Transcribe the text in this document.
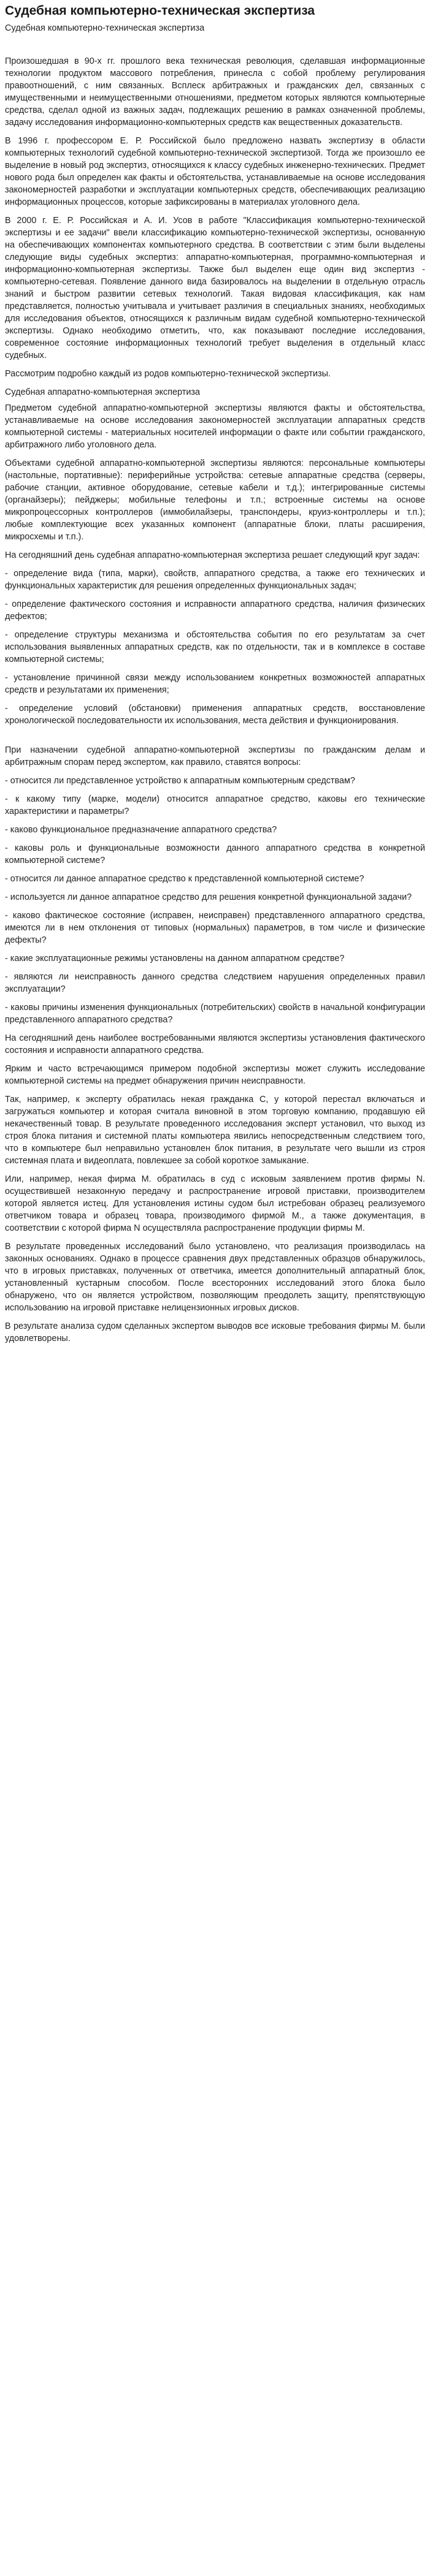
Судебная компьютерно-техническая экспертиза
Судебная компьютерно-техническая экспертиза

Произошедшая в 90-х гг. прошлого века техническая революция, сделавшая информационные технологии продуктом массового потребления, принесла с собой проблему регулирования правоотношений, с ним связанных. Всплеск арбитражных и гражданских дел, связанных с имущественными и неимущественными отношениями, предметом которых являются компьютерные средства, сделал одной из важных задач, подлежащих решению в рамках означенной проблемы, задачу исследования информационно-компьютерных средств как вещественных доказательств.

В 1996 г. профессором Е. Р. Российской было предложено назвать экспертизу в области компьютерных технологий судебной компьютерно-технической экспертизой. Тогда же произошло ее выделение в новый род экспертиз, относящихся к классу судебных инженерно-технических. Предмет нового рода был определен как факты и обстоятельства, устанавливаемые на основе исследования закономерностей разработки и эксплуатации компьютерных средств, обеспечивающих реализацию информационных процессов, которые зафиксированы в материалах уголовного дела.

В 2000 г. Е. Р. Российская и А. И. Усов в работе "Классификация компьютерно-технической экспертизы и ее задачи" ввели классификацию компьютерно-технической экспертизы, основанную на обеспечивающих компонентах компьютерного средства. В соответствии с этим были выделены следующие виды судебных экспертиз: аппаратно-компьютерная, программно-компьютерная и информационно-компьютерная экспертизы. Также был выделен еще один вид экспертиз - компьютерно-сетевая. Появление данного вида базировалось на выделении в отдельную отрасль знаний и быстром развитии сетевых технологий. Такая видовая классификация, как нам представляется, полностью учитывала и учитывает различия в специальных знаниях, необходимых для исследования объектов, относящихся к различным видам судебной компьютерно-технической экспертизы. Однако необходимо отметить, что, как показывают последние исследования, современное состояние информационных технологий требует выделения в отдельный класс судебных.

Рассмотрим подробно каждый из родов компьютерно-технической экспертизы.

Судебная аппаратно-компьютерная экспертиза

Предметом судебной аппаратно-компьютерной экспертизы являются факты и обстоятельства, устанавливаемые на основе исследования закономерностей эксплуатации аппаратных средств компьютерной системы - материальных носителей информации о факте или событии гражданского, арбитражного либо уголовного дела.

Объектами судебной аппаратно-компьютерной экспертизы являются: персональные компьютеры (настольные, портативные): периферийные устройства: сетевые аппаратные средства (серверы, рабочие станции, активное оборудование, сетевые кабели и т.д.); интегрированные системы (органайзеры); пейджеры; мобильные телефоны и т.п.; встроенные системы на основе микропроцессорных контроллеров (иммобилайзеры, транспондеры, круиз-контроллеры и т.п.); любые комплектующие всех указанных компонент (аппаратные блоки, платы расширения, микросхемы и т.п.).

На сегодняшний день судебная аппаратно-компьютерная экспертиза решает следующий круг задач:

- определение вида (типа, марки), свойств, аппаратного средства, а также его технических и функциональных характеристик для решения определенных функциональных задач;

- определение фактического состояния и исправности аппаратного средства, наличия физических дефектов;

- определение структуры механизма и обстоятельства события по его результатам за счет использования выявленных аппаратных средств, как по отдельности, так и в комплексе в составе компьютерной системы;

- установление причинной связи между использованием конкретных возможностей аппаратных средств и результатами их применения;

- определение условий (обстановки) применения аппаратных средств, восстановление хронологической последовательности их использования, места действия и функционирования.

При назначении судебной аппаратно-компьютерной экспертизы по гражданским делам и арбитражным спорам перед экспертом, как правило, ставятся вопросы:

- относится ли представленное устройство к аппаратным компьютерным средствам?

- к какому типу (марке, модели) относится аппаратное средство, каковы его технические характеристики и параметры?

- каково функциональное предназначение аппаратного средства?

- каковы роль и функциональные возможности данного аппаратного средства в конкретной компьютерной системе?

- относится ли данное аппаратное средство к представленной компьютерной системе?

- используется ли данное аппаратное средство для решения конкретной функциональной задачи?

- каково фактическое состояние (исправен, неисправен) представленного аппаратного средства, имеются ли в нем отклонения от типовых (нормальных) параметров, в том числе и физические дефекты?

- какие эксплуатационные режимы установлены на данном аппаратном средстве?

- являются ли неисправность данного средства следствием нарушения определенных правил эксплуатации?

- каковы причины изменения функциональных (потребительских) свойств в начальной конфигурации представленного аппаратного средства?

На сегодняшний день наиболее востребованными являются экспертизы установления фактического состояния и исправности аппаратного средства.

Ярким и часто встречающимся примером подобной экспертизы может служить исследование компьютерной системы на предмет обнаружения причин неисправности.

Так, например, к эксперту обратилась некая гражданка С, у которой перестал включаться и загружаться компьютер и которая считала виновной в этом торговую компанию, продавшую ей некачественный товар. В результате проведенного исследования эксперт установил, что выход из строя блока питания и системной платы компьютера явились непосредственным следствием того, что в компьютере был неправильно установлен блок питания, в результате чего вышли из строя системная плата и видеоплата, повлекшее за собой короткое замыкание.

Или, например, некая фирма М. обратилась в суд с исковым заявлением против фирмы N. осуществившей незаконную передачу и распространение игровой приставки, производителем которой является истец. Для установления истины судом был истребован образец реализуемого ответчиком товара и образец товара, производимого фирмой М., а также документация, в соответствии с которой фирма N осуществляла распространение продукции фирмы М.

В результате проведенных исследований было установлено, что реализация производилась на законных основаниях. Однако в процессе сравнения двух представленных образцов обнаружилось, что в игровых приставках, полученных от ответчика, имеется дополнительный аппаратный блок, установленный кустарным способом. После всесторонних исследований этого блока было обнаружено, что он является устройством, позволяющим преодолеть защиту, препятствующую использованию на игровой приставке нелицензионных игровых дисков.

В результате анализа судом сделанных экспертом выводов все исковые требования фирмы М. были удовлетворены.
